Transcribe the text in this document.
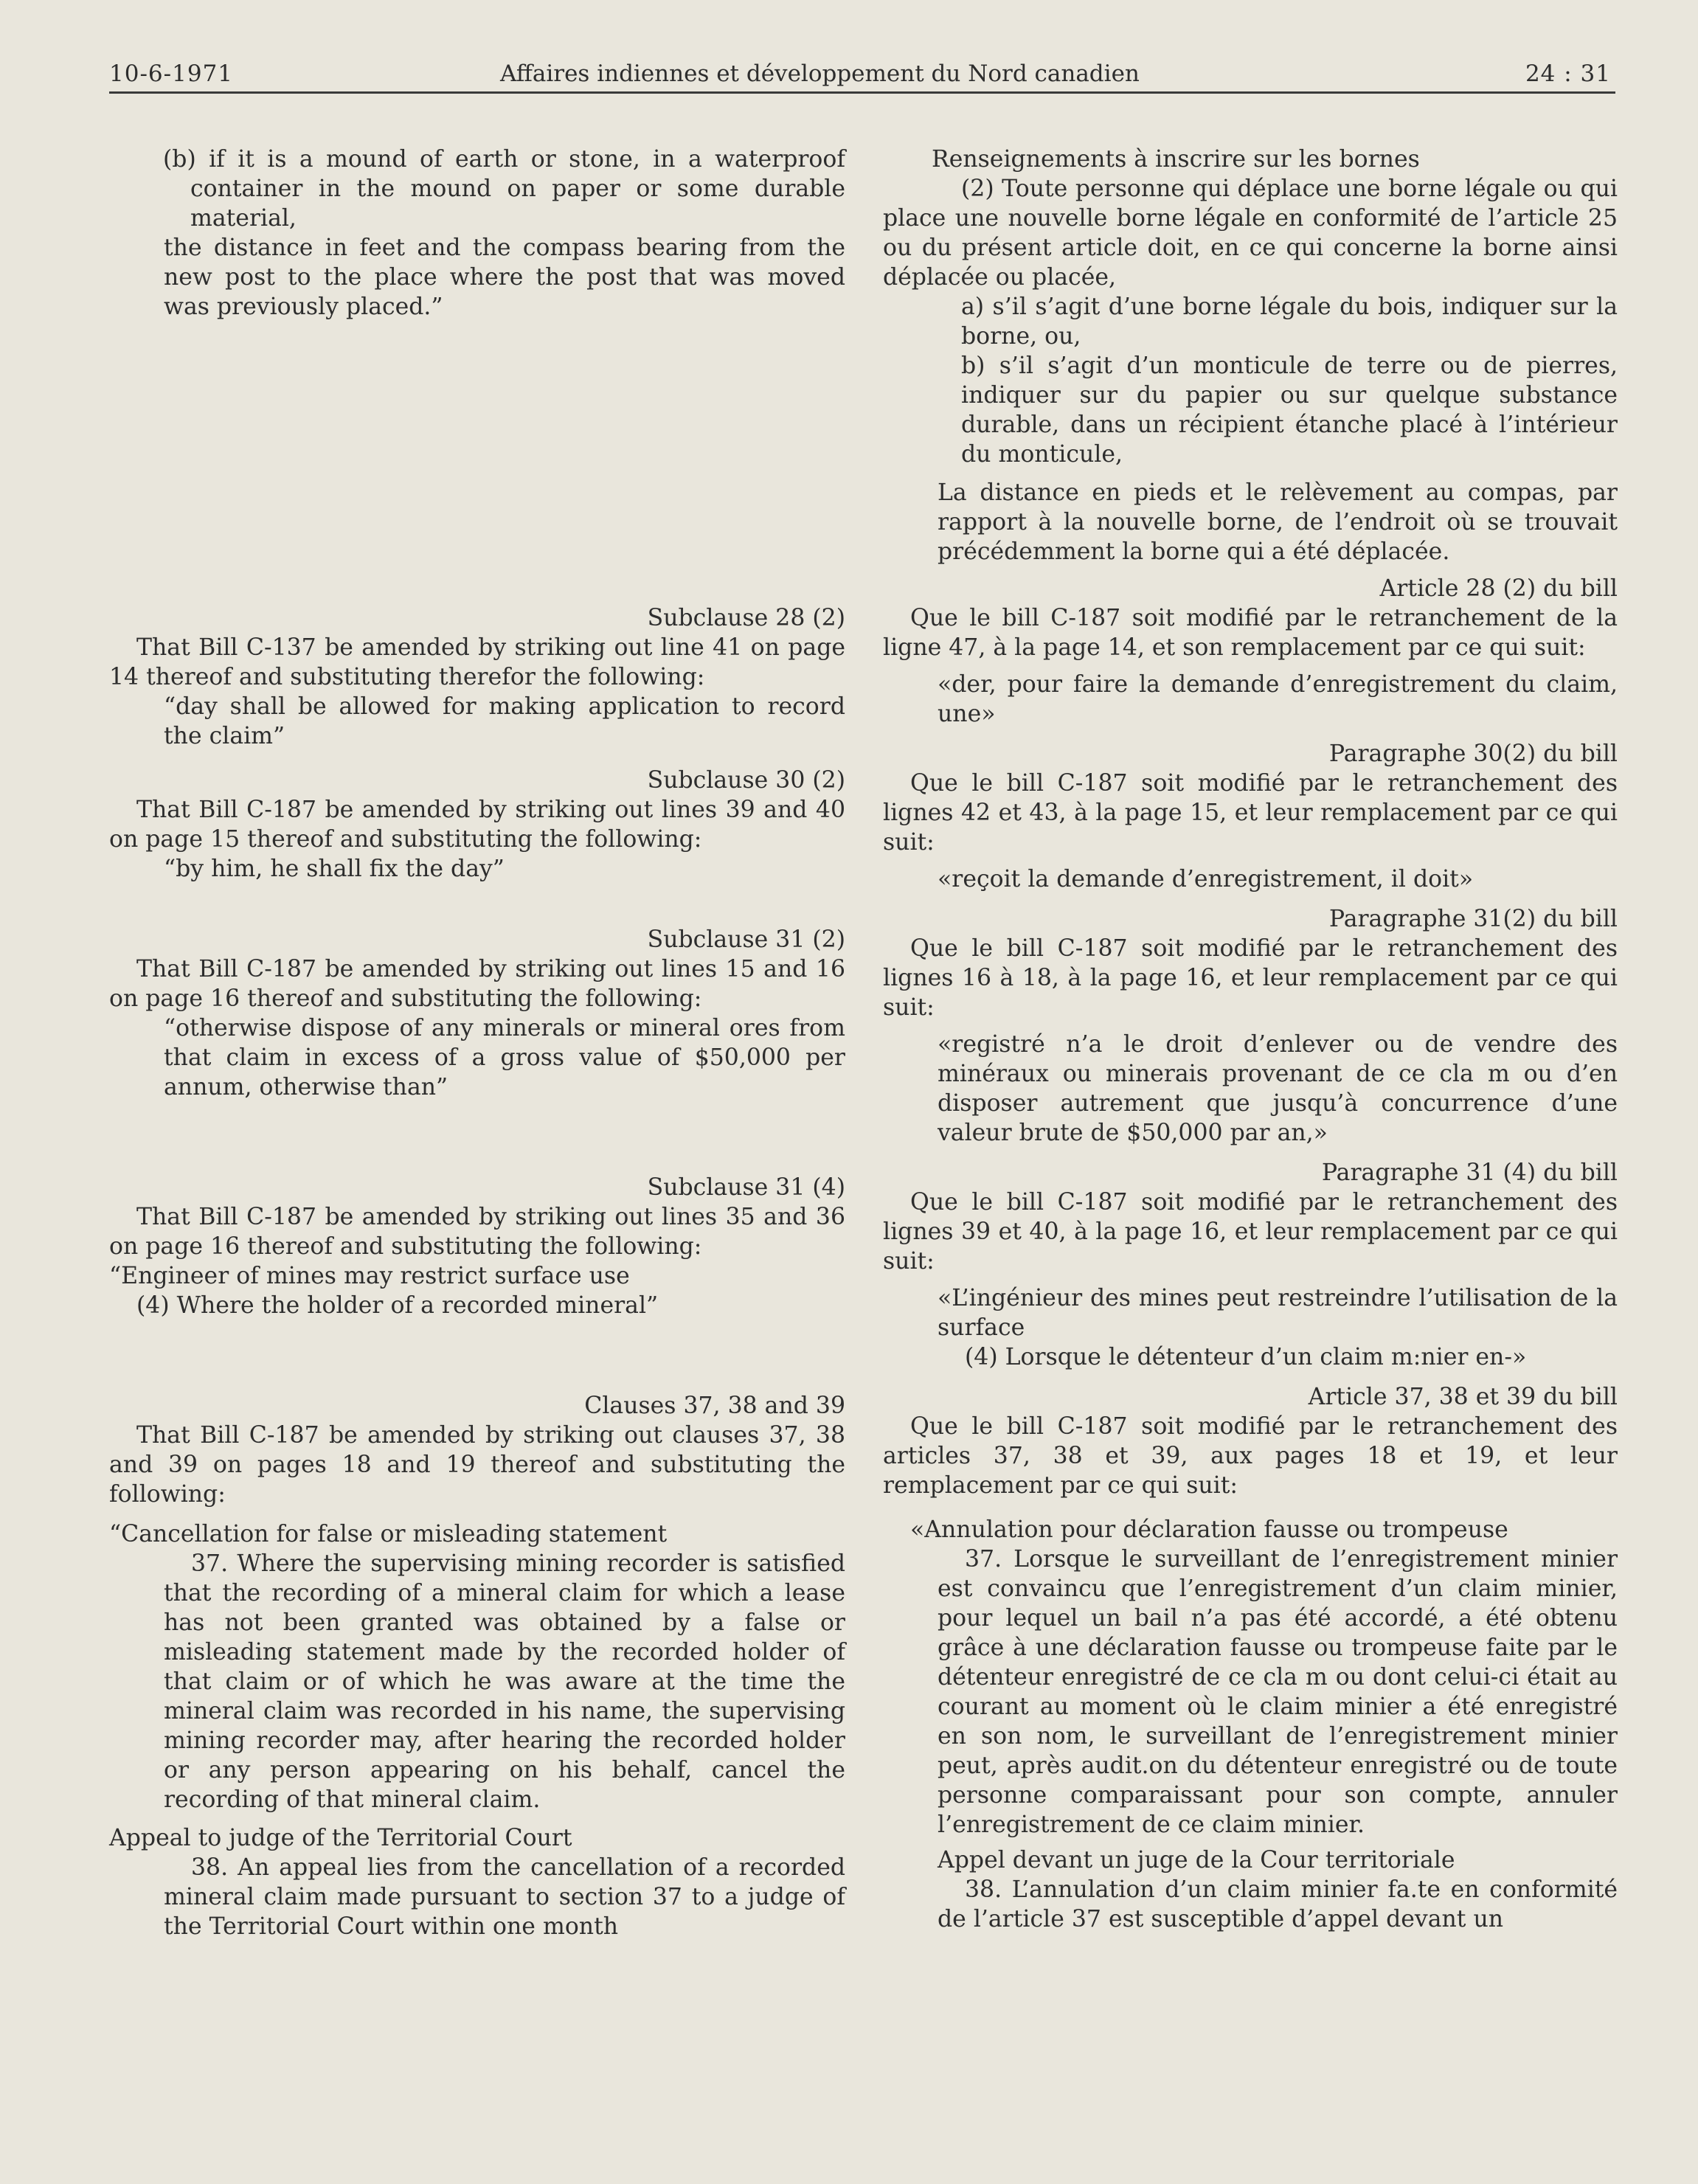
10-6-1971	Affaires indiennes et développement du Nord canadien	24 : 31

(b) if it is a mound of earth or stone, in a waterproof container in the mound on paper or some durable material,

the distance in feet and the compass bearing from the new post to the place where the post that was moved was previously placed.”

Subclause 28 (2)

That Bill C-137 be amended by striking out line 41 on page 14 thereof and substituting therefor the following:

“day shall be allowed for making application to record the claim”

Subclause 30 (2)

That Bill C-187 be amended by striking out lines 39 and 40 on page 15 thereof and substituting the following:

“by him, he shall fix the day”

Subclause 31 (2)

That Bill C-187 be amended by striking out lines 15 and 16 on page 16 thereof and substituting the following:

“otherwise dispose of any minerals or mineral ores from that claim in excess of a gross value of $50,000 per annum, otherwise than”

Subclause 31 (4)

That Bill C-187 be amended by striking out lines 35 and 36 on page 16 thereof and substituting the following:

“Engineer of mines may restrict surface use

(4) Where the holder of a recorded mineral”

Clauses 37, 38 and 39

That Bill C-187 be amended by striking out clauses 37, 38 and 39 on pages 18 and 19 thereof and substituting the following:

“Cancellation for false or misleading statement

37. Where the supervising mining recorder is satisfied that the recording of a mineral claim for which a lease has not been granted was obtained by a false or misleading statement made by the recorded holder of that claim or of which he was aware at the time the mineral claim was recorded in his name, the supervising mining recorder may, after hearing the recorded holder or any person appearing on his behalf, cancel the recording of that mineral claim.

Appeal to judge of the Territorial Court

38. An appeal lies from the cancellation of a recorded mineral claim made pursuant to section 37 to a judge of the Territorial Court within one month

Renseignements à inscrire sur les bornes

(2) Toute personne qui déplace une borne légale ou qui place une nouvelle borne légale en conformité de l’article 25 ou du présent article doit, en ce qui concerne la borne ainsi déplacée ou placée,

a) s’il s’agit d’une borne légale du bois, indiquer sur la borne, ou,

b) s’il s’agit d’un monticule de terre ou de pierres, indiquer sur du papier ou sur quelque substance durable, dans un récipient étanche placé à l’intérieur du monticule,

La distance en pieds et le relèvement au compas, par rapport à la nouvelle borne, de l’endroit où se trouvait précédemment la borne qui a été déplacée.

Article 28 (2) du bill

Que le bill C-187 soit modifié par le retranchement de la ligne 47, à la page 14, et son remplacement par ce qui suit:

«der, pour faire la demande d’enregistrement du claim, une»

Paragraphe 30(2) du bill

Que le bill C-187 soit modifié par le retranchement des lignes 42 et 43, à la page 15, et leur remplacement par ce qui suit:

«reçoit la demande d’enregistrement, il doit»

Paragraphe 31(2) du bill

Que le bill C-187 soit modifié par le retranchement des lignes 16 à 18, à la page 16, et leur remplacement par ce qui suit:

«registré n’a le droit d’enlever ou de vendre des minéraux ou minerais provenant de ce cla m ou d’en disposer autrement que jusqu’à concurrence d’une valeur brute de $50,000 par an,»

Paragraphe 31 (4) du bill

Que le bill C-187 soit modifié par le retranchement des lignes 39 et 40, à la page 16, et leur remplacement par ce qui suit:

«L’ingénieur des mines peut restreindre l’utilisation de la surface

(4) Lorsque le détenteur d’un claim m:nier en-»

Article 37, 38 et 39 du bill

Que le bill C-187 soit modifié par le retranchement des articles 37, 38 et 39, aux pages 18 et 19, et leur remplacement par ce qui suit:

«Annulation pour déclaration fausse ou trompeuse

37. Lorsque le surveillant de l’enregistrement minier est convaincu que l’enregistrement d’un claim minier, pour lequel un bail n’a pas été accordé, a été obtenu grâce à une déclaration fausse ou trompeuse faite par le détenteur enregistré de ce cla m ou dont celui-ci était au courant au moment où le claim minier a été enregistré en son nom, le surveillant de l’enregistrement minier peut, après audit.on du détenteur enregistré ou de toute personne comparaissant pour son compte, annuler l’enregistrement de ce claim minier.

Appel devant un juge de la Cour territoriale

38. L’annulation d’un claim minier fa.te en conformité de l’article 37 est susceptible d’appel devant un
